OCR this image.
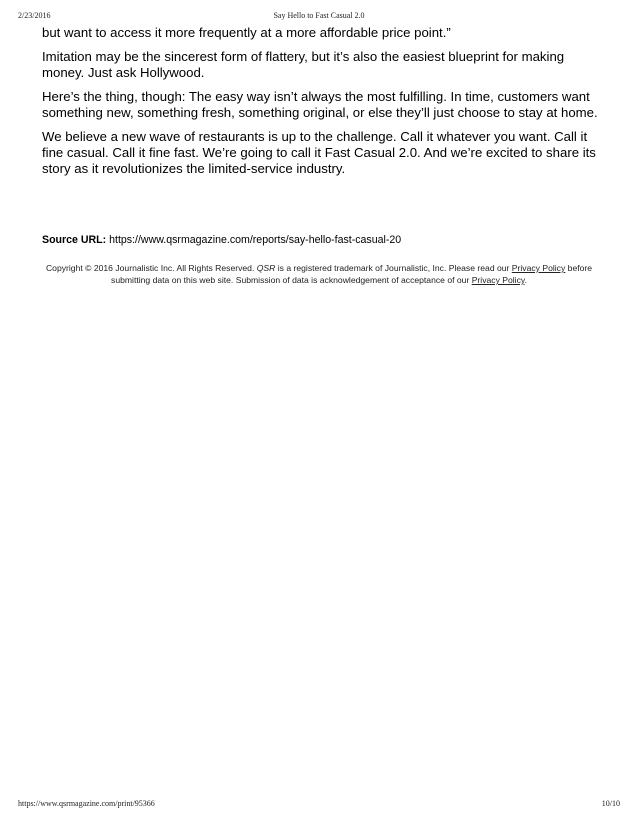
2/23/2016	Say Hello to Fast Casual 2.0

but want to access it more frequently at a more affordable price point.”

Imitation may be the sincerest form of flattery, but it’s also the easiest blueprint for making money. Just ask Hollywood.

Here’s the thing, though: The easy way isn’t always the most fulfilling. In time, customers want something new, something fresh, something original, or else they’ll just choose to stay at home.

We believe a new wave of restaurants is up to the challenge. Call it whatever you want. Call it fine casual. Call it fine fast. We’re going to call it Fast Casual 2.0. And we’re excited to share its story as it revolutionizes the limited-service industry.

Source URL: https://www.qsrmagazine.com/reports/say-hello-fast-casual-20
Copyright © 2016 Journalistic Inc. All Rights Reserved. QSR is a registered trademark of Journalistic, Inc. Please read our Privacy Policy before submitting data on this web site. Submission of data is acknowledgement of acceptance of our Privacy Policy.
https://www.qsrmagazine.com/print/95366	10/10
